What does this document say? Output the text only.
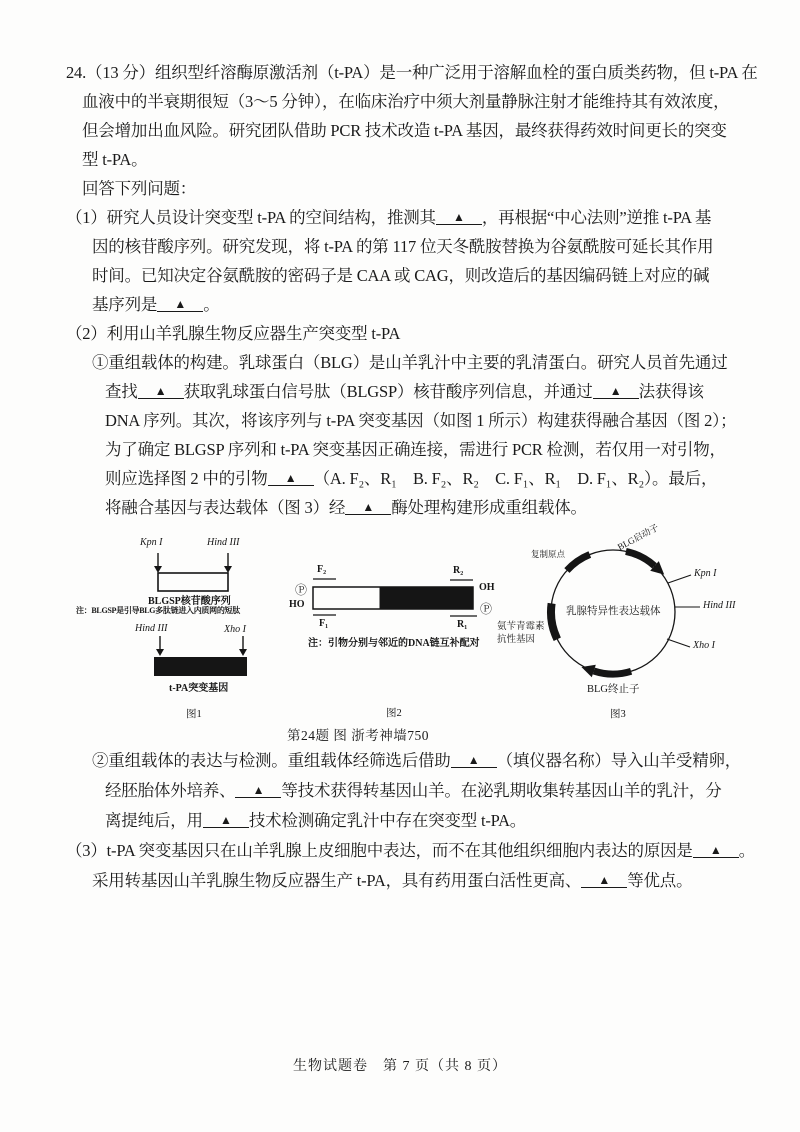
24.（13 分）组织型纤溶酶原激活剂（t-PA）是一种广泛用于溶解血栓的蛋白质类药物，但 t-PA 在
血液中的半衰期很短（3～5 分钟），在临床治疗中须大剂量静脉注射才能维持其有效浓度，
但会增加出血风险。研究团队借助 PCR 技术改造 t-PA 基因，最终获得药效时间更长的突变
型 t-PA。
回答下列问题：
（1）研究人员设计突变型 t-PA 的空间结构，推测其 ▲ ，再根据“中心法则”逆推 t-PA 基
因的核苷酸序列。研究发现，将 t-PA 的第 117 位天冬酰胺替换为谷氨酰胺可延长其作用
时间。已知决定谷氨酰胺的密码子是 CAA 或 CAG，则改造后的基因编码链上对应的碱
基序列是 ▲ 。
（2）利用山羊乳腺生物反应器生产突变型 t-PA
①重组载体的构建。乳球蛋白（BLG）是山羊乳汁中主要的乳清蛋白。研究人员首先通过
查找 ▲ 获取乳球蛋白信号肽（BLGSP）核苷酸序列信息，并通过 ▲ 法获得该
DNA 序列。其次，将该序列与 t-PA 突变基因（如图 1 所示）构建获得融合基因（图 2）；
为了确定 BLGSP 序列和 t-PA 突变基因正确连接，需进行 PCR 检测，若仅用一对引物，
则应选择图 2 中的引物 ▲ （A. F₂、R₁　B. F₂、R₂　C. F₁、R₁　D. F₁、R₂）。最后，
将融合基因与表达载体（图 3）经 ▲ 酶处理构建形成重组载体。
Kpn I	Hind III
BLGSP核苷酸序列
注：BLGSP是引导BLG多肽链进入内质网的短肽
Hind III	Xho I
t-PA突变基因
图1
F₂	R₂
Ⓟ
HO
OH
Ⓟ
F₁	R₁
注：引物分别与邻近的DNA链互补配对
图2
复制原点
BLG启动子
Kpn I
Hind III
Xho I
乳腺特异性表达载体
氨苄青霉素
抗性基因
BLG终止子
图3
第24题 图 浙考神墙750
②重组载体的表达与检测。重组载体经筛选后借助 ▲ （填仪器名称）导入山羊受精卵，
经胚胎体外培养、 ▲ 等技术获得转基因山羊。在泌乳期收集转基因山羊的乳汁，分
离提纯后，用 ▲ 技术检测确定乳汁中存在突变型 t-PA。
（3）t-PA 突变基因只在山羊乳腺上皮细胞中表达，而不在其他组织细胞内表达的原因是 ▲ 。
采用转基因山羊乳腺生物反应器生产 t-PA，具有药用蛋白活性更高、 ▲ 等优点。
生物试题卷　第 7 页（共 8 页）
